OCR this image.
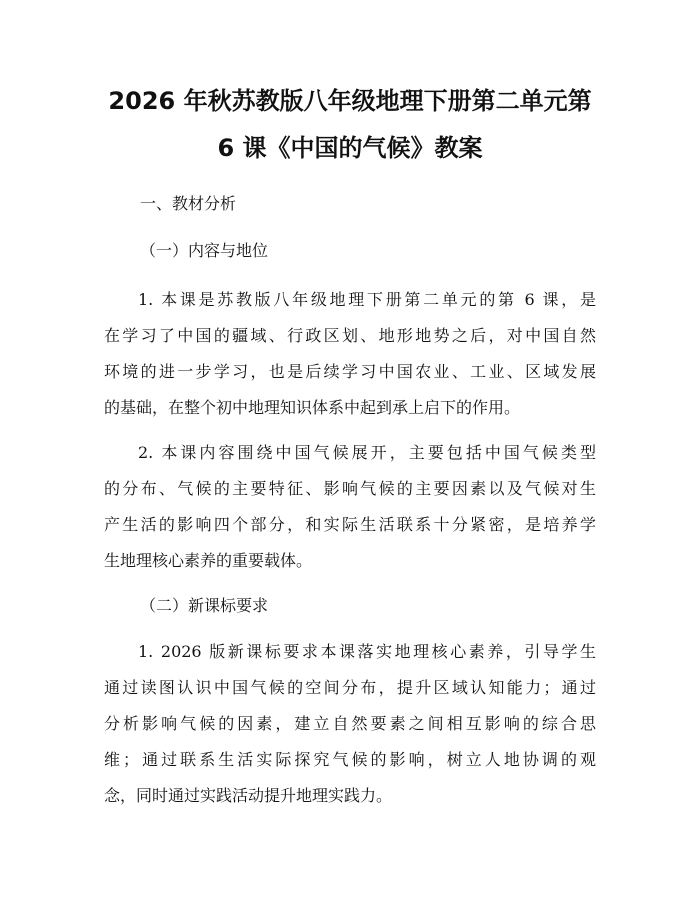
2026 年秋苏教版八年级地理下册第二单元第
6 课《中国的气候》教案
一、教材分析
（一）内容与地位
1. 本课是苏教版八年级地理下册第二单元的第 6 课，是
在学习了中国的疆域、行政区划、地形地势之后，对中国自然
环境的进一步学习，也是后续学习中国农业、工业、区域发展
的基础，在整个初中地理知识体系中起到承上启下的作用。
2. 本课内容围绕中国气候展开，主要包括中国气候类型
的分布、气候的主要特征、影响气候的主要因素以及气候对生
产生活的影响四个部分，和实际生活联系十分紧密，是培养学
生地理核心素养的重要载体。
（二）新课标要求
1. 2026 版新课标要求本课落实地理核心素养，引导学生
通过读图认识中国气候的空间分布，提升区域认知能力；通过
分析影响气候的因素，建立自然要素之间相互影响的综合思
维；通过联系生活实际探究气候的影响，树立人地协调的观
念，同时通过实践活动提升地理实践力。
